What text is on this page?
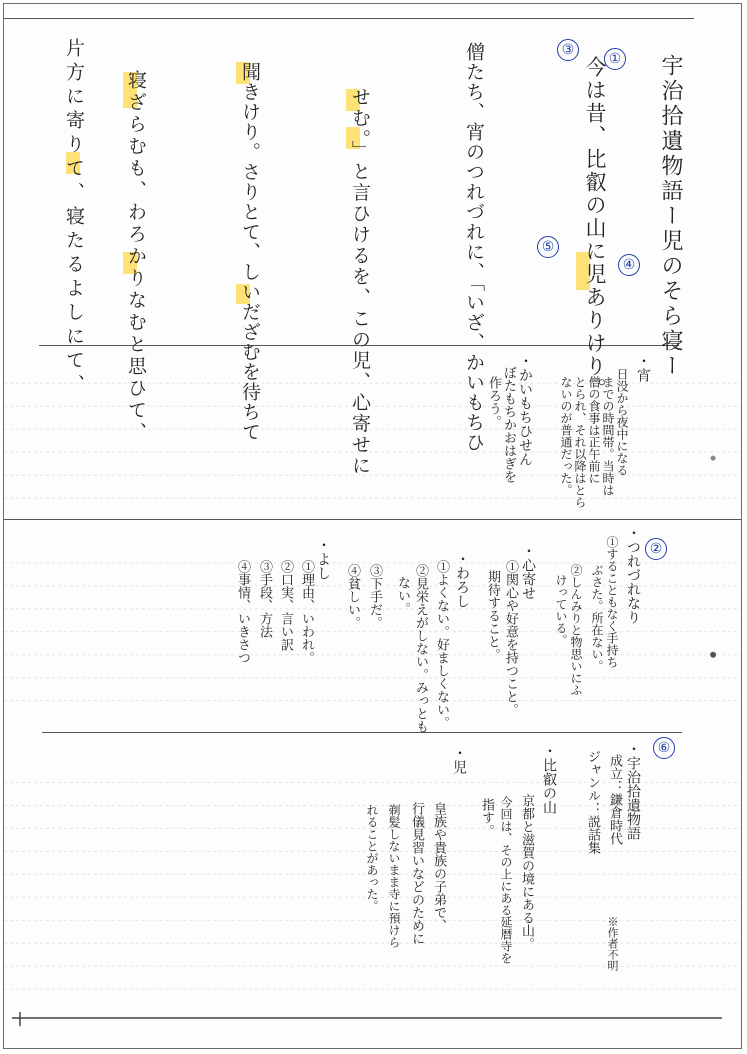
①
③
④
⑤
②
⑥
宇治拾遺物語ー児のそら寝ー
今は昔、比叡の山に児ありけり。
僧たち、宵のつれづれに、「いざ、かいもちひ
せむ。」と言ひけるを、この児、心寄せに
聞きけり。さりとて、しいだざむを待ちて
寝ざらむも、わろかりなむと思ひて、
片方に寄りて、寝たるよしにて、	・宵
日没から夜中になる
までの時間帯。当時は
僧の食事は正午前に
とられ、それ以降はとら
ないのが普通だった。
・かいもちひせん
ぼたもちかおはぎを
作ろう。
・つれづれなり
①することもなく手持ち
ぶさた。所在ない。
②しんみりと物思いにふ
けっている。
・心寄せ
①関心や好意を持つこと。
期待すること。
・わろし
①よくない。好ましくない。
②見栄えがしない。みっとも
ない。
③下手だ。
④貧しい。
・よし
①理由、いわれ。
②口実、言い訳
③手段、方法
④事情、いきさつ
・宇治拾遺物語
成立：鎌倉時代
ジャンル：説話集
※作者不明
・比叡の山
京都と滋賀の境にある山。
今回は、その上にある延暦寺を
指す。
・児
皇族や貴族の子弟で、
行儀見習いなどのために
剃髪しないまま寺に預けら
れることがあった。
